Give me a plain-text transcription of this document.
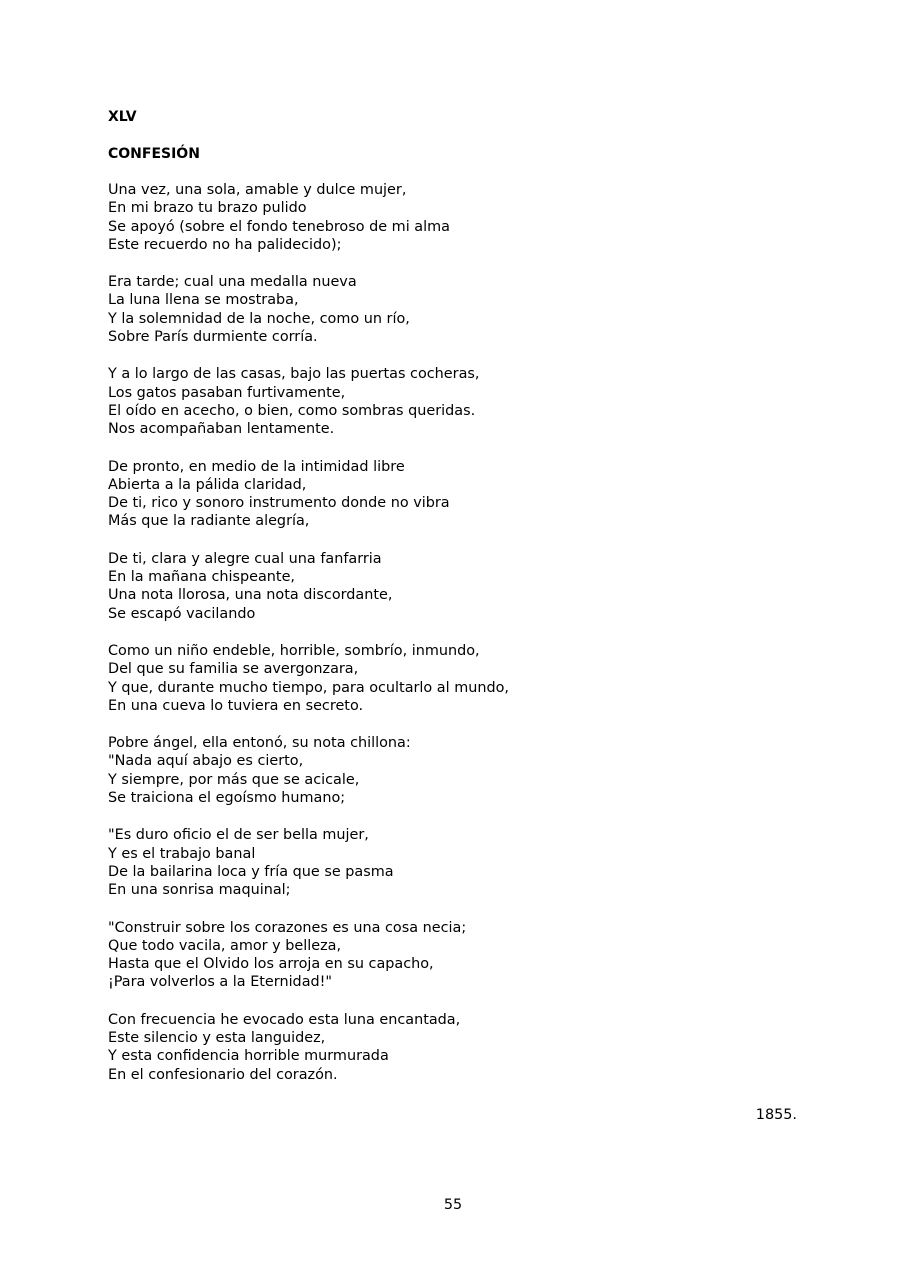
XLV
CONFESIÓN
Una vez, una sola, amable y dulce mujer,
En mi brazo tu brazo pulido
Se apoyó (sobre el fondo tenebroso de mi alma
Este recuerdo no ha palidecido);
Era tarde; cual una medalla nueva
La luna llena se mostraba,
Y la solemnidad de la noche, como un río,
Sobre París durmiente corría.
Y a lo largo de las casas, bajo las puertas cocheras,
Los gatos pasaban furtivamente,
El oído en acecho, o bien, como sombras queridas.
Nos acompañaban lentamente.
De pronto, en medio de la intimidad libre
Abierta a la pálida claridad,
De ti, rico y sonoro instrumento donde no vibra
Más que la radiante alegría,
De ti, clara y alegre cual una fanfarria
En la mañana chispeante,
Una nota llorosa, una nota discordante,
Se escapó vacilando
Como un niño endeble, horrible, sombrío, inmundo,
Del que su familia se avergonzara,
Y que, durante mucho tiempo, para ocultarlo al mundo,
En una cueva lo tuviera en secreto.
Pobre ángel, ella entonó, su nota chillona:
"Nada aquí abajo es cierto,
Y siempre, por más que se acicale,
Se traiciona el egoísmo humano;
"Es duro oficio el de ser bella mujer,
Y es el trabajo banal
De la bailarina loca y fría que se pasma
En una sonrisa maquinal;
"Construir sobre los corazones es una cosa necia;
Que todo vacila, amor y belleza,
Hasta que el Olvido los arroja en su capacho,
¡Para volverlos a la Eternidad!"
Con frecuencia he evocado esta luna encantada,
Este silencio y esta languidez,
Y esta confidencia horrible murmurada
En el confesionario del corazón.
1855.
55
